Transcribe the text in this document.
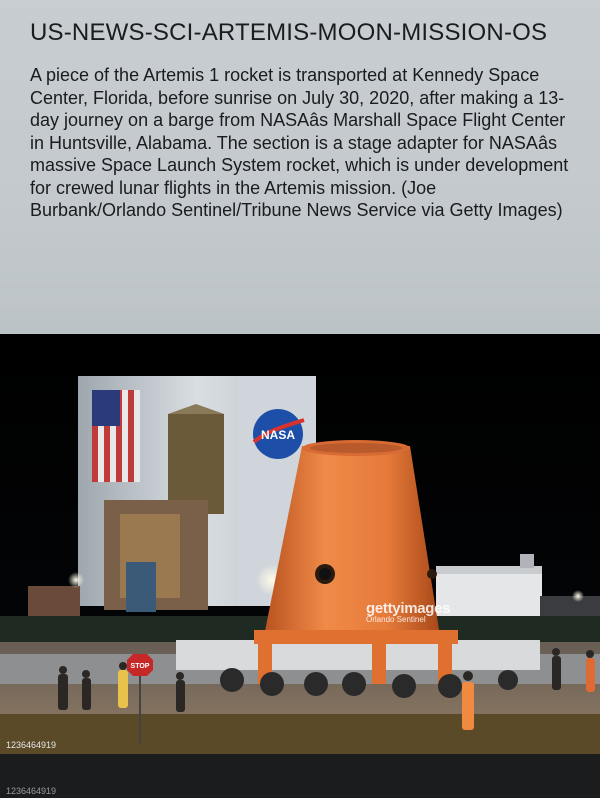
US-NEWS-SCI-ARTEMIS-MOON-MISSION-OS

A piece of the Artemis 1 rocket is transported at Kennedy Space Center, Florida, before sunrise on July 30, 2020, after making a 13-day journey on a barge from NASAâs Marshall Space Flight Center in Huntsville, Alabama. The section is a stage adapter for NASAâs massive Space Launch System rocket, which is under development for crewed lunar flights in the Artemis mission. (Joe Burbank/Orlando Sentinel/Tribune News Service via Getty Images)

NASA
STOP
gettyimages
Orlando Sentinel
1236464919
1236464919
